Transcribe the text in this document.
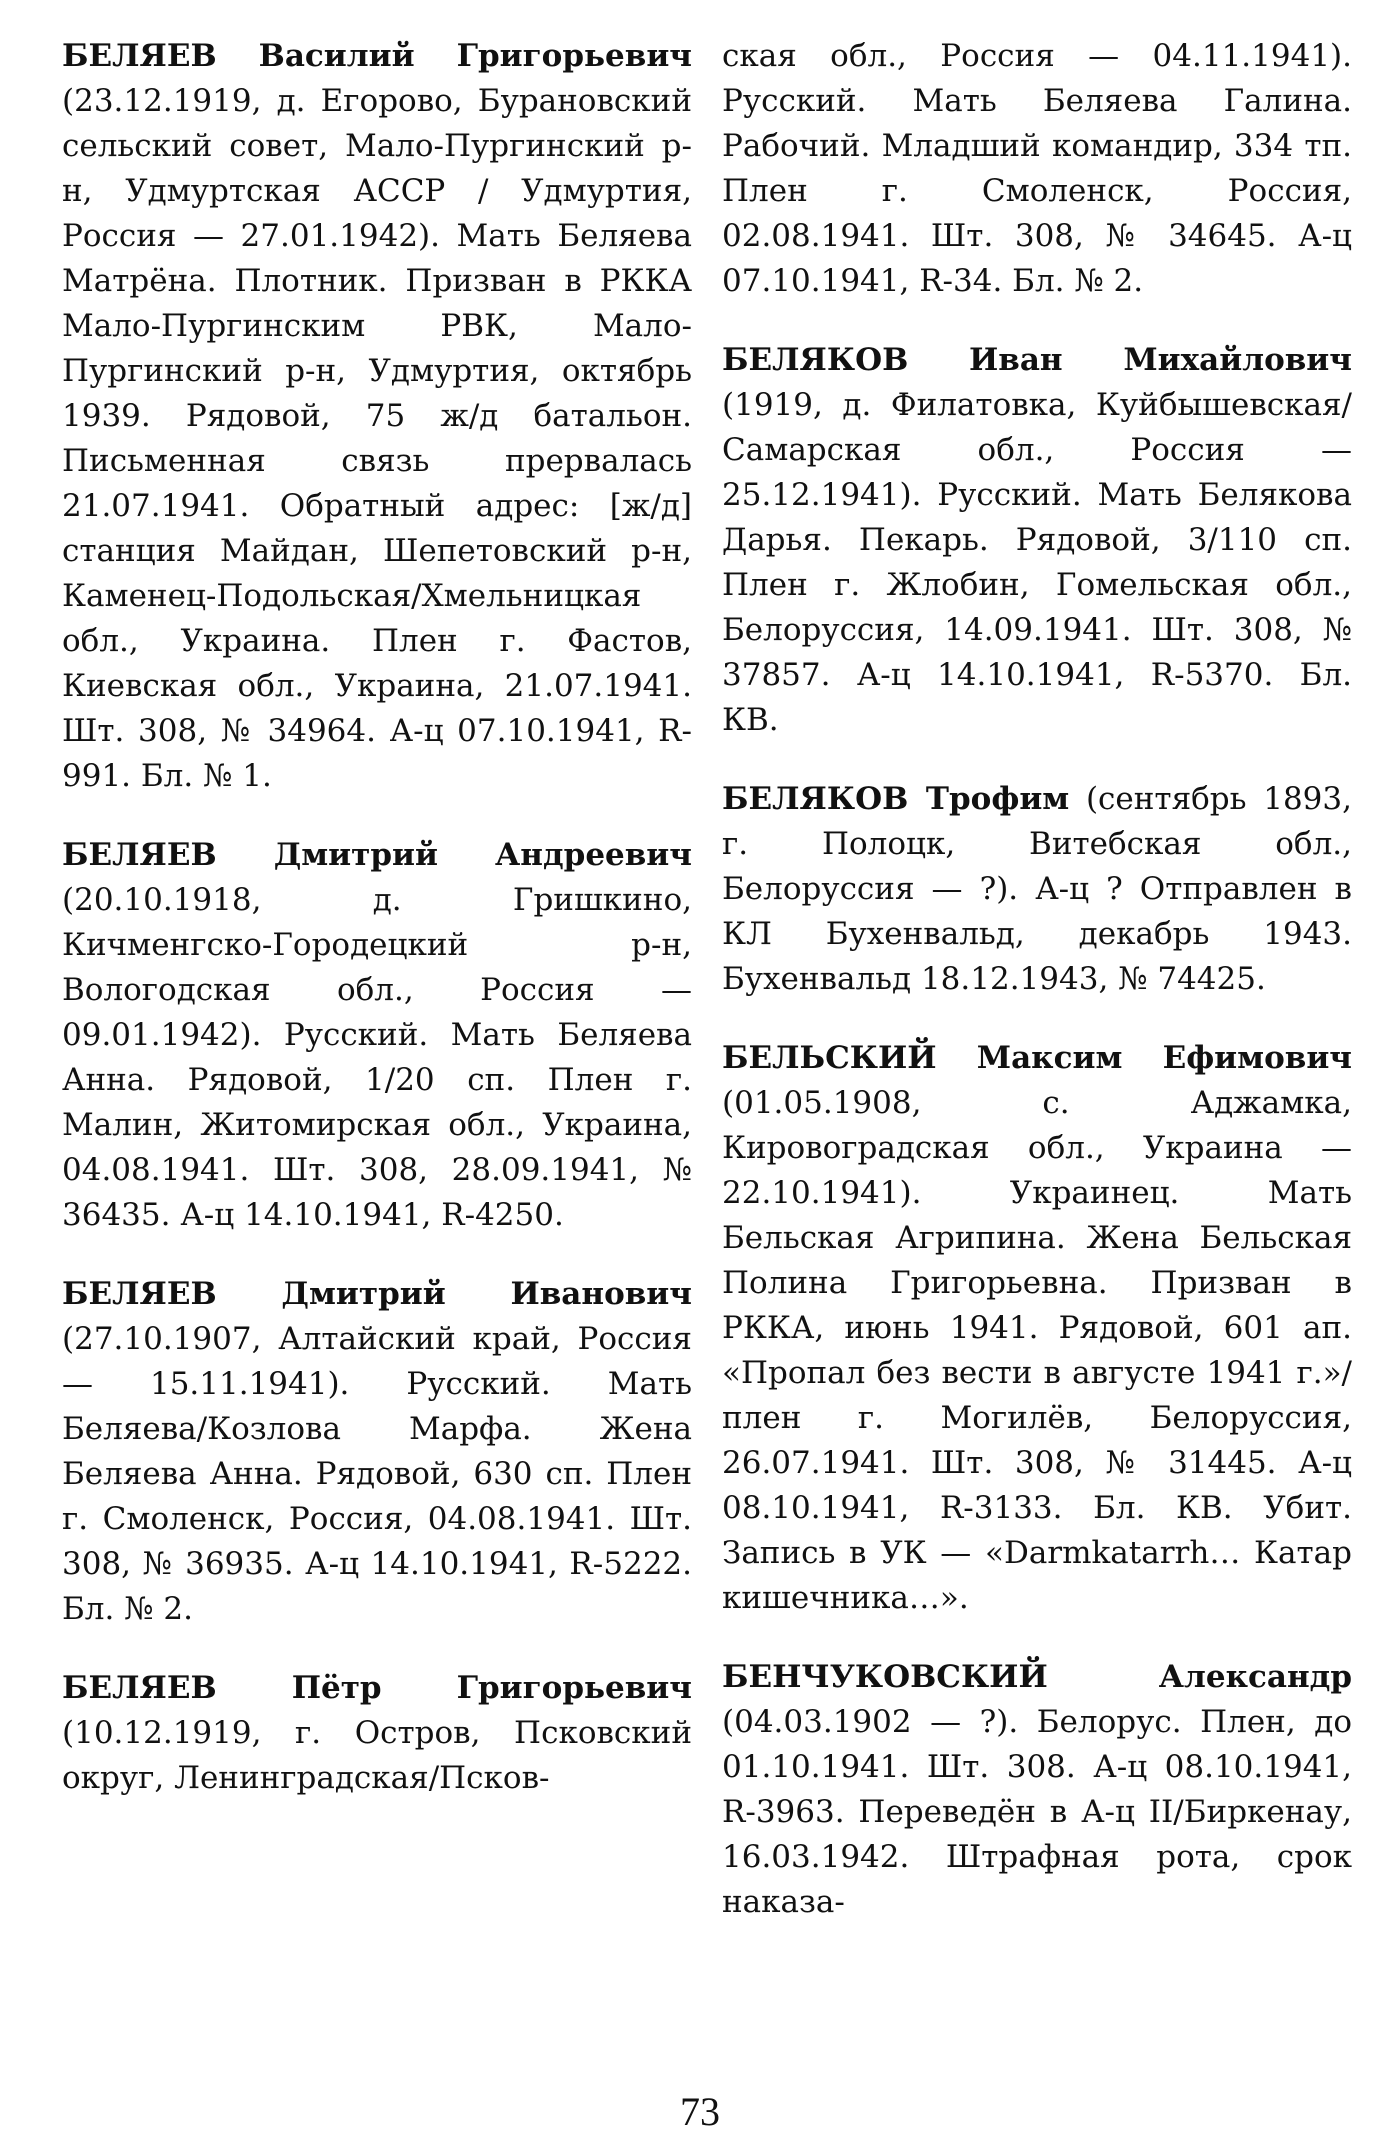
БЕЛЯЕВ Василий Григорьевич (23.12.1919, д. Егорово, Бурановский сельский совет, Мало-Пургинский р-н, Удмуртская АССР / Удмуртия, Россия — 27.01.1942). Мать Беляева Матрёна. Плотник. Призван в РККА Мало-Пургинским РВК, Мало-Пургинский р-н, Удмуртия, октябрь 1939. Рядовой, 75 ж/д батальон. Письменная связь прервалась 21.07.1941. Обратный адрес: [ж/д] станция Майдан, Шепетовский р-н, Каменец-Подольская/Хмельницкая обл., Украина. Плен г. Фастов, Киевская обл., Украина, 21.07.1941. Шт. 308, № 34964. А-ц 07.10.1941, R-991. Бл. № 1.

БЕЛЯЕВ Дмитрий Андреевич (20.10.1918, д. Гришкино, Кичменгско-Городецкий р-н, Вологодская обл., Россия — 09.01.1942). Русский. Мать Беляева Анна. Рядовой, 1/20 сп. Плен г. Малин, Житомирская обл., Украина, 04.08.1941. Шт. 308, 28.09.1941, № 36435. А-ц 14.10.1941, R-4250.

БЕЛЯЕВ Дмитрий Иванович (27.10.1907, Алтайский край, Россия — 15.11.1941). Русский. Мать Беляева/Козлова Марфа. Жена Беляева Анна. Рядовой, 630 сп. Плен г. Смоленск, Россия, 04.08.1941. Шт. 308, № 36935. А-ц 14.10.1941, R-5222. Бл. № 2.

БЕЛЯЕВ Пётр Григорьевич (10.12.1919, г. Остров, Псковский округ, Ленинградская/Псков-

ская обл., Россия — 04.11.1941). Русский. Мать Беляева Галина. Рабочий. Младший командир, 334 тп. Плен г. Смоленск, Россия, 02.08.1941. Шт. 308, № 34645. А-ц 07.10.1941, R-34. Бл. № 2.

БЕЛЯКОВ Иван Михайлович (1919, д. Филатовка, Куйбышевская/Самарская обл., Россия — 25.12.1941). Русский. Мать Белякова Дарья. Пекарь. Рядовой, 3/110 сп. Плен г. Жлобин, Гомельская обл., Белоруссия, 14.09.1941. Шт. 308, № 37857. А-ц 14.10.1941, R-5370. Бл. КВ.

БЕЛЯКОВ Трофим (сентябрь 1893, г. Полоцк, Витебская обл., Белоруссия — ?). А-ц ? Отправлен в КЛ Бухенвальд, декабрь 1943. Бухенвальд 18.12.1943, № 74425.

БЕЛЬСКИЙ Максим Ефимович (01.05.1908, с. Аджамка, Кировоградская обл., Украина — 22.10.1941). Украинец. Мать Бельская Агрипина. Жена Бельская Полина Григорьевна. Призван в РККА, июнь 1941. Рядовой, 601 ап. «Пропал без вести в августе 1941 г.»/плен г. Могилёв, Белоруссия, 26.07.1941. Шт. 308, № 31445. А-ц 08.10.1941, R-3133. Бл. КВ. Убит. Запись в УК — «Darmkatarrh… Катар кишечника…».

БЕНЧУКОВСКИЙ Александр (04.03.1902 — ?). Белорус. Плен, до 01.10.1941. Шт. 308. А-ц 08.10.1941, R-3963. Переведён в А-ц II/Биркенау, 16.03.1942. Штрафная рота, срок наказа-

73
